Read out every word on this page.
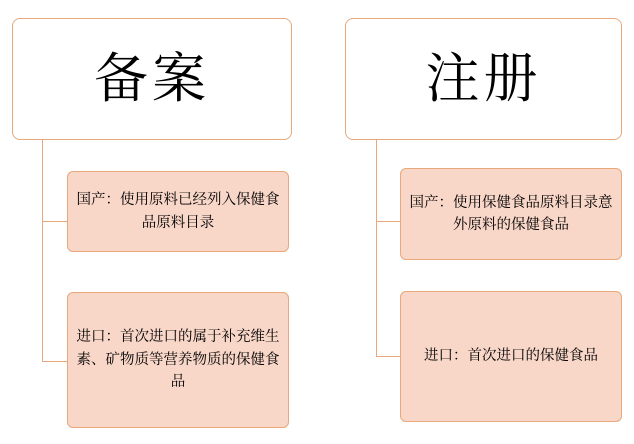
备案
国产：使用原料已经列入保健食品原料目录
进口：首次进口的属于补充维生素、矿物质等营养物质的保健食品
注册
国产：使用保健食品原料目录意外原料的保健食品
进口：首次进口的保健食品
